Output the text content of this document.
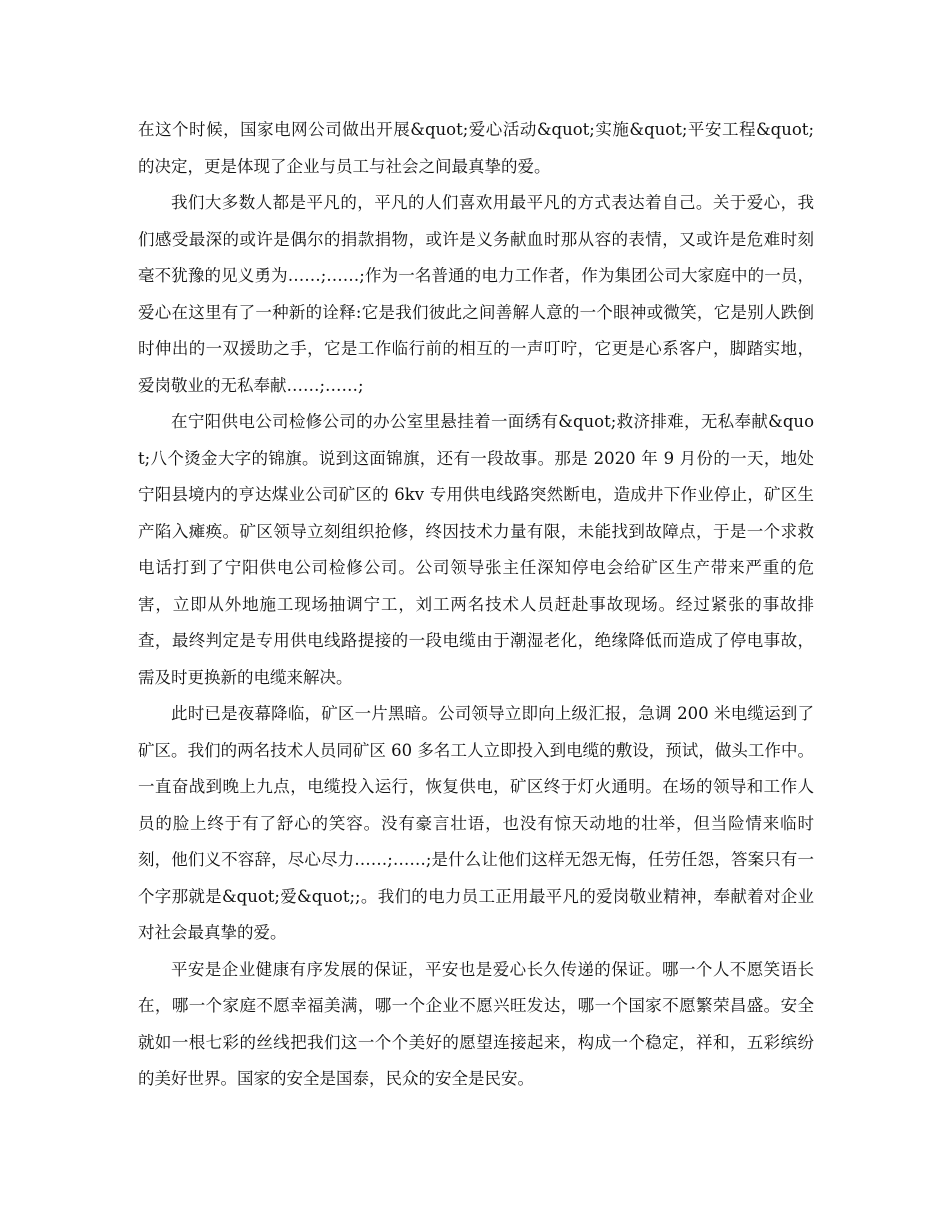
在这个时候，国家电网公司做出开展&quot;爱心活动&quot;实施&quot;平安工程&quot;的决定，更是体现了企业与员工与社会之间最真挚的爱。

我们大多数人都是平凡的，平凡的人们喜欢用最平凡的方式表达着自己。关于爱心，我们感受最深的或许是偶尔的捐款捐物，或许是义务献血时那从容的表情，又或许是危难时刻毫不犹豫的见义勇为……;……;作为一名普通的电力工作者，作为集团公司大家庭中的一员，爱心在这里有了一种新的诠释:它是我们彼此之间善解人意的一个眼神或微笑，它是别人跌倒时伸出的一双援助之手，它是工作临行前的相互的一声叮咛，它更是心系客户，脚踏实地，爱岗敬业的无私奉献……;……;

在宁阳供电公司检修公司的办公室里悬挂着一面绣有&quot;救济排难，无私奉献&quot;八个烫金大字的锦旗。说到这面锦旗，还有一段故事。那是 2020 年 9 月份的一天，地处宁阳县境内的亨达煤业公司矿区的 6kv 专用供电线路突然断电，造成井下作业停止，矿区生产陷入瘫痪。矿区领导立刻组织抢修，终因技术力量有限，未能找到故障点，于是一个求救电话打到了宁阳供电公司检修公司。公司领导张主任深知停电会给矿区生产带来严重的危害，立即从外地施工现场抽调宁工，刘工两名技术人员赶赴事故现场。经过紧张的事故排查，最终判定是专用供电线路提接的一段电缆由于潮湿老化，绝缘降低而造成了停电事故，需及时更换新的电缆来解决。

此时已是夜幕降临，矿区一片黑暗。公司领导立即向上级汇报，急调 200 米电缆运到了矿区。我们的两名技术人员同矿区 60 多名工人立即投入到电缆的敷设，预试，做头工作中。一直奋战到晚上九点，电缆投入运行，恢复供电，矿区终于灯火通明。在场的领导和工作人员的脸上终于有了舒心的笑容。没有豪言壮语，也没有惊天动地的壮举，但当险情来临时刻，他们义不容辞，尽心尽力……;……;是什么让他们这样无怨无悔，任劳任怨，答案只有一个字那就是&quot;爱&quot;;。我们的电力员工正用最平凡的爱岗敬业精神，奉献着对企业对社会最真挚的爱。

平安是企业健康有序发展的保证，平安也是爱心长久传递的保证。哪一个人不愿笑语长在，哪一个家庭不愿幸福美满，哪一个企业不愿兴旺发达，哪一个国家不愿繁荣昌盛。安全就如一根七彩的丝线把我们这一个个美好的愿望连接起来，构成一个稳定，祥和，五彩缤纷的美好世界。国家的安全是国泰，民众的安全是民安。
